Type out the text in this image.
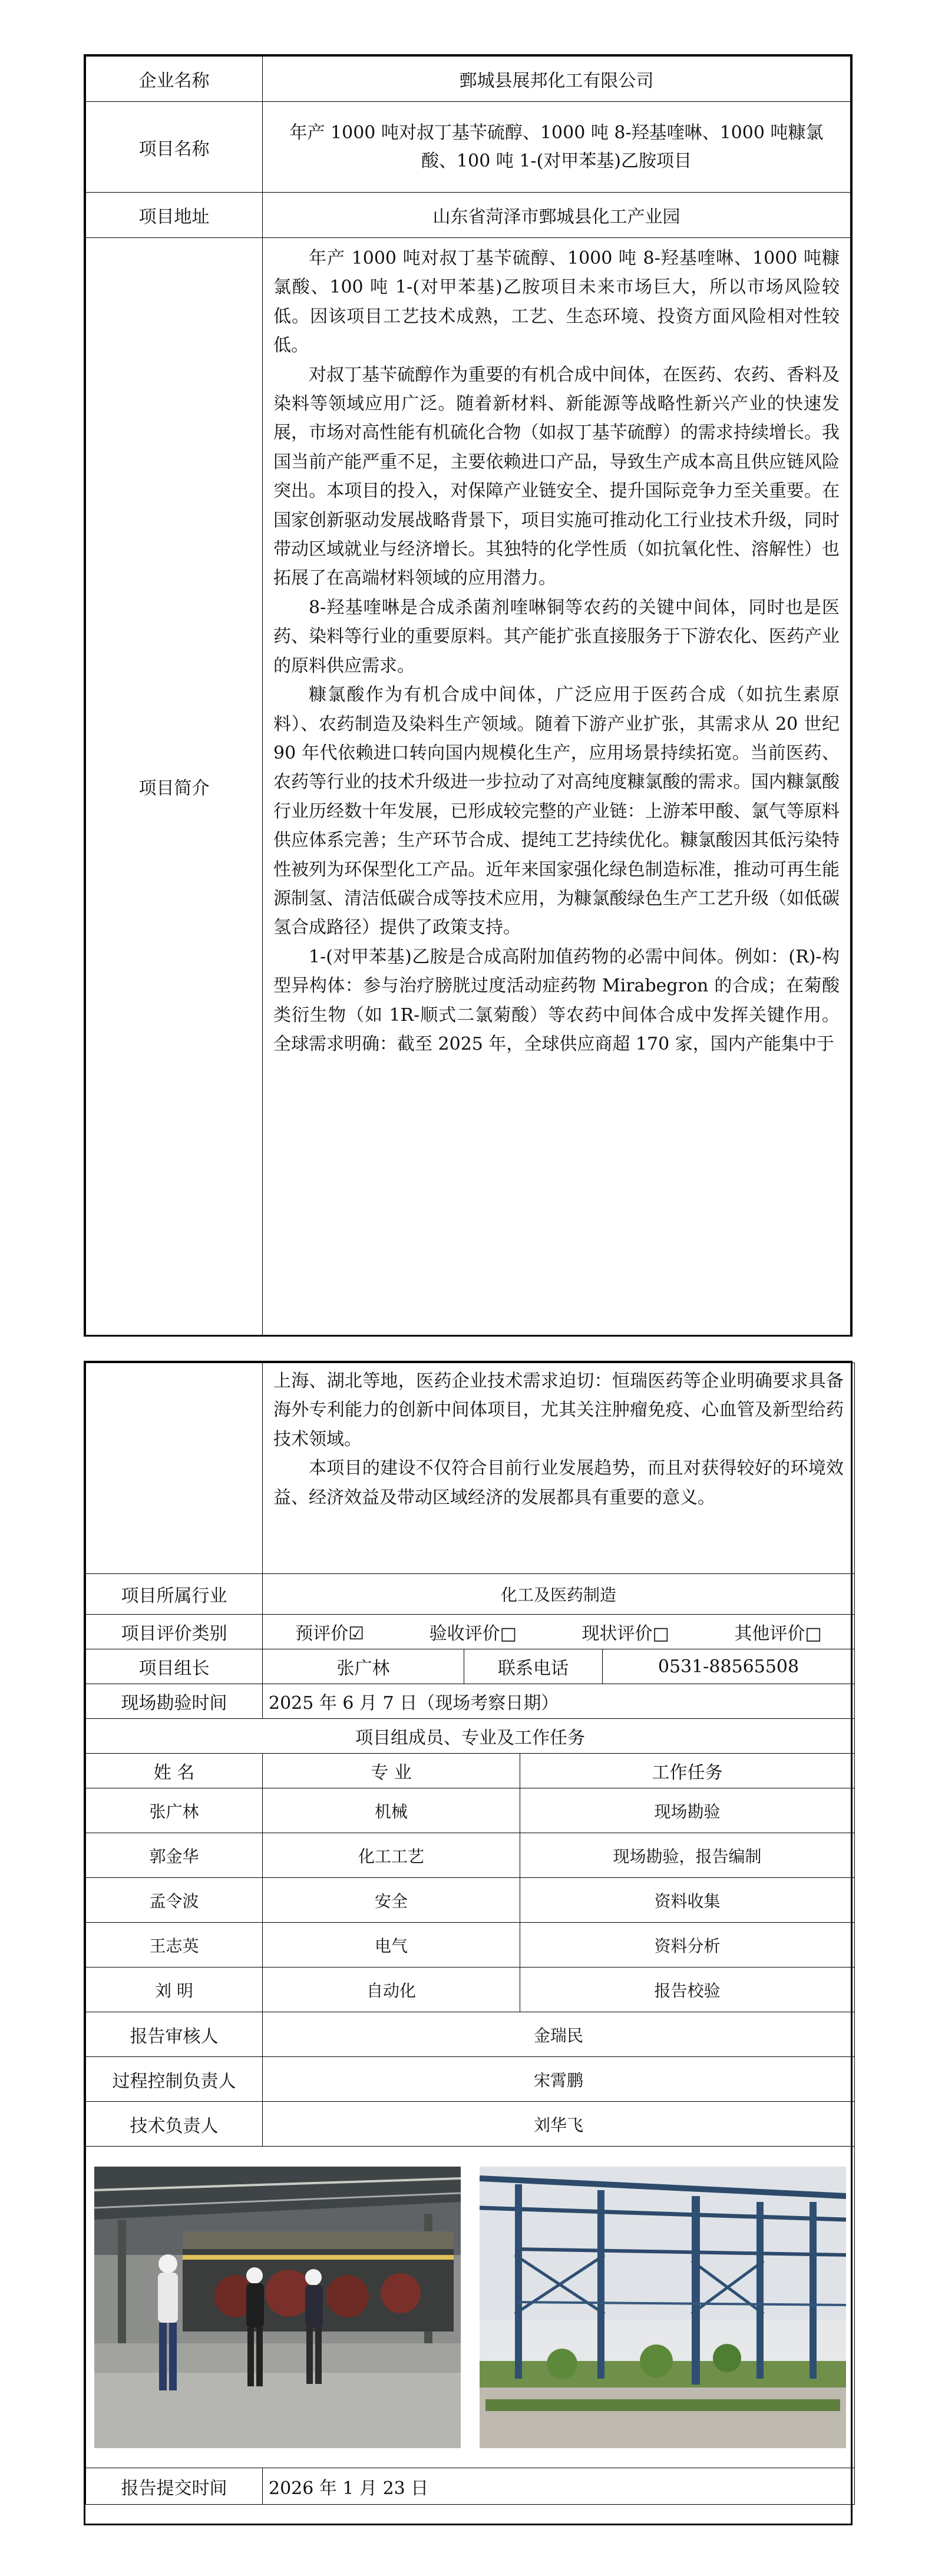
企业名称	鄄城县展邦化工有限公司
项目名称	年产 1000 吨对叔丁基苄硫醇、1000 吨 8-羟基喹啉、1000 吨糠氯
酸、100 吨 1-(对甲苯基)乙胺项目

项目地址	山东省菏泽市鄄城县化工产业园
项目简介	年产 1000 吨对叔丁基苄硫醇、1000 吨 8-羟基喹啉、1000 吨糠氯酸、100 吨 1-(对甲苯基)乙胺项目未来市场巨大，所以市场风险较低。因该项目工艺技术成熟，工艺、生态环境、投资方面风险相对性较低。

对叔丁基苄硫醇作为重要的有机合成中间体，在医药、农药、香料及染料等领域应用广泛。随着新材料、新能源等战略性新兴产业的快速发展，市场对高性能有机硫化合物（如叔丁基苄硫醇）的需求持续增长。我国当前产能严重不足，主要依赖进口产品，导致生产成本高且供应链风险突出。本项目的投入，对保障产业链安全、提升国际竞争力至关重要。在国家创新驱动发展战略背景下，项目实施可推动化工行业技术升级，同时带动区域就业与经济增长。其独特的化学性质（如抗氧化性、溶解性）也拓展了在高端材料领域的应用潜力。

8-羟基喹啉是合成杀菌剂喹啉铜等农药的关键中间体，同时也是医药、染料等行业的重要原料。其产能扩张直接服务于下游农化、医药产业的原料供应需求。

糠氯酸作为有机合成中间体，广泛应用于医药合成（如抗生素原料）、农药制造及染料生产领域。随着下游产业扩张，其需求从 20 世纪 90 年代依赖进口转向国内规模化生产，应用场景持续拓宽。当前医药、农药等行业的技术升级进一步拉动了对高纯度糠氯酸的需求。国内糠氯酸行业历经数十年发展，已形成较完整的产业链：上游苯甲酸、氯气等原料供应体系完善；生产环节合成、提纯工艺持续优化。糠氯酸因其低污染特性被列为环保型化工产品。近年来国家强化绿色制造标准，推动可再生能源制氢、清洁低碳合成等技术应用，为糠氯酸绿色生产工艺升级（如低碳氢合成路径）提供了政策支持。

1-(对甲苯基)乙胺是合成高附加值药物的必需中间体。例如：(R)-构型异构体：参与治疗膀胱过度活动症药物 Mirabegron 的合成；在菊酸类衍生物（如 1R-顺式二氯菊酸）等农药中间体合成中发挥关键作用。全球需求明确：截至 2025 年，全球供应商超 170 家，国内产能集中于

	上海、湖北等地，医药企业技术需求迫切：恒瑞医药等企业明确要求具备海外专利能力的创新中间体项目，尤其关注肿瘤免疫、心血管及新型给药技术领域。

本项目的建设不仅符合目前行业发展趋势，而且对获得较好的环境效益、经济效益及带动区域经济的发展都具有重要的意义。			

项目所属行业	化工及医药制造			
项目评价类别	预评价☑ 验收评价□ 现状评价□ 其他评价□			

项目组长	张广林	联系电话		0531-88565508
现场勘验时间	2025 年 6 月 7 日（现场考察日期）			
项目组成员、专业及工作任务				
姓 名	专 业		工作任务	
张广林	机械		现场勘验	
郭金华	化工工艺		现场勘验，报告编制	
孟令波	安全		资料收集	
王志英	电气		资料分析	
刘 明	自动化		报告校验	
报告审核人	金瑞民			
过程控制负责人	宋霄鹏			
技术负责人	刘华飞			

报告提交时间	2026 年 1 月 23 日			
